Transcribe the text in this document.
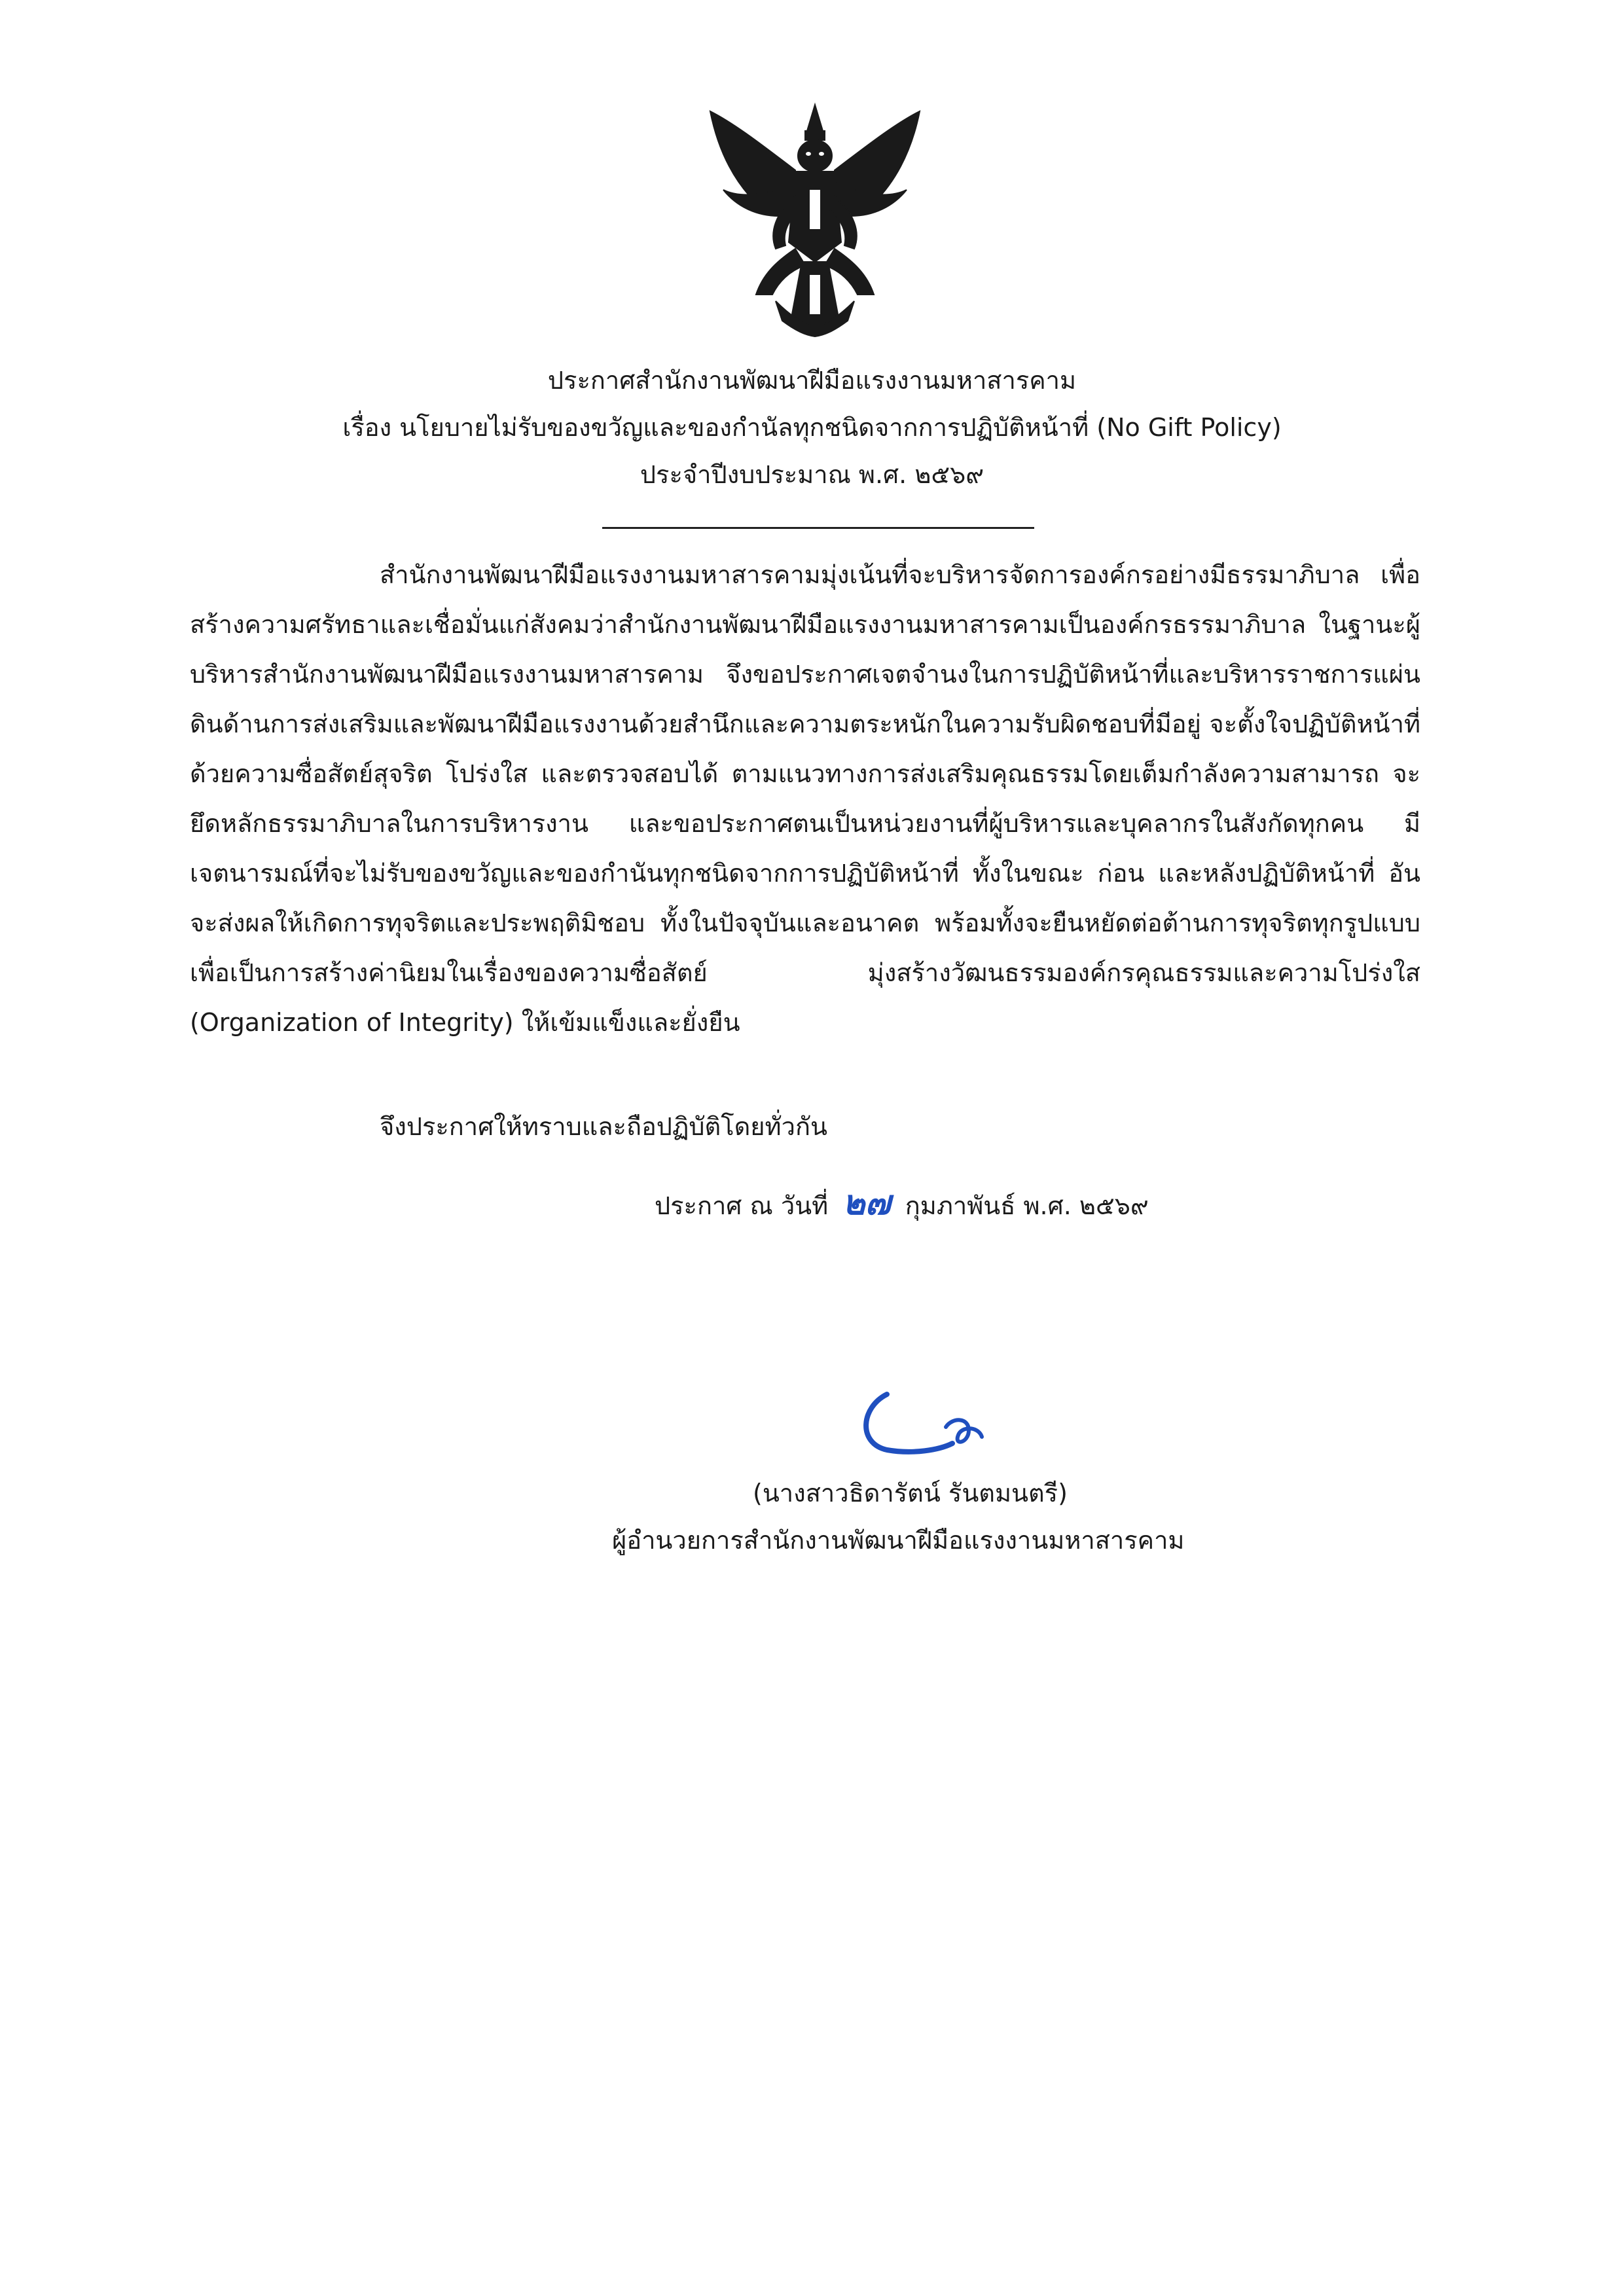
ประกาศสำนักงานพัฒนาฝีมือแรงงานมหาสารคาม
เรื่อง นโยบายไม่รับของขวัญและของกำนัลทุกชนิดจากการปฏิบัติหน้าที่ (No Gift Policy)
ประจำปีงบประมาณ พ.ศ. ๒๕๖๙

สำนักงานพัฒนาฝีมือแรงงานมหาสารคามมุ่งเน้นที่จะบริหารจัดการองค์กรอย่างมีธรรมาภิบาล เพื่อสร้างความศรัทธาและเชื่อมั่นแก่สังคมว่าสำนักงานพัฒนาฝีมือแรงงานมหาสารคามเป็นองค์กรธรรมาภิบาล ในฐานะผู้บริหารสำนักงานพัฒนาฝีมือแรงงานมหาสารคาม จึงขอประกาศเจตจำนงในการปฏิบัติหน้าที่และบริหารราชการแผ่นดินด้านการส่งเสริมและพัฒนาฝีมือแรงงานด้วยสำนึกและความตระหนักในความรับผิดชอบที่มีอยู่ จะตั้งใจปฏิบัติหน้าที่ด้วยความซื่อสัตย์สุจริต โปร่งใส และตรวจสอบได้ ตามแนวทางการส่งเสริมคุณธรรมโดยเต็มกำลังความสามารถ จะยึดหลักธรรมาภิบาลในการบริหารงาน และขอประกาศตนเป็นหน่วยงานที่ผู้บริหารและบุคลากรในสังกัดทุกคน มีเจตนารมณ์ที่จะไม่รับของขวัญและของกำนันทุกชนิดจากการปฏิบัติหน้าที่ ทั้งในขณะ ก่อน และหลังปฏิบัติหน้าที่ อันจะส่งผลให้เกิดการทุจริตและประพฤติมิชอบ ทั้งในปัจจุบันและอนาคต พร้อมทั้งจะยืนหยัดต่อต้านการทุจริตทุกรูปแบบ เพื่อเป็นการสร้างค่านิยมในเรื่องของความซื่อสัตย์ มุ่งสร้างวัฒนธรรมองค์กรคุณธรรมและความโปร่งใส (Organization of Integrity) ให้เข้มแข็งและยั่งยืน

จึงประกาศให้ทราบและถือปฏิบัติโดยทั่วกัน
ประกาศ ณ วันที่ ๒๗ กุมภาพันธ์ พ.ศ. ๒๕๖๙
(นางสาวธิดารัตน์ รันตมนตรี)
ผู้อำนวยการสำนักงานพัฒนาฝีมือแรงงานมหาสารคาม
